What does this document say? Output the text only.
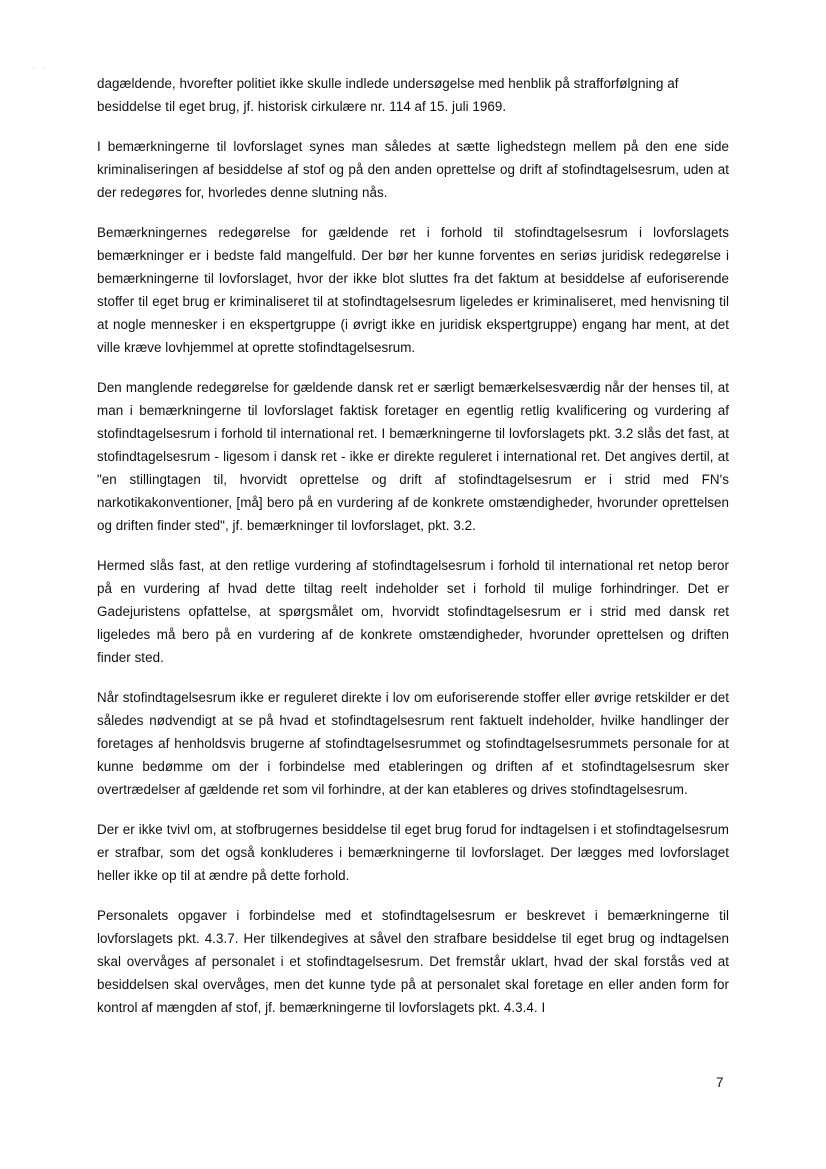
·     ·

dagældende, hvorefter politiet ikke skulle indlede undersøgelse med henblik på strafforfølgning af besiddelse til eget brug, jf. historisk cirkulære nr. 114 af 15. juli 1969.

I bemærkningerne til lovforslaget synes man således at sætte lighedstegn mellem på den ene side kriminaliseringen af besiddelse af stof og på den anden oprettelse og drift af stofindtagelsesrum, uden at der redegøres for, hvorledes denne slutning nås.

Bemærkningernes redegørelse for gældende ret i forhold til stofindtagelsesrum i lovforslagets bemærkninger er i bedste fald mangelfuld. Der bør her kunne forventes en seriøs juridisk redegørelse i bemærkningerne til lovforslaget, hvor der ikke blot sluttes fra det faktum at besiddelse af euforiserende stoffer til eget brug er kriminaliseret til at stofindtagelsesrum ligeledes er kriminaliseret, med henvisning til at nogle mennesker i en ekspertgruppe (i øvrigt ikke en juridisk ekspertgruppe) engang har ment, at det ville kræve lovhjemmel at oprette stofindtagelsesrum.

Den manglende redegørelse for gældende dansk ret er særligt bemærkelsesværdig når der henses til, at man i bemærkningerne til lovforslaget faktisk foretager en egentlig retlig kvalificering og vurdering af stofindtagelsesrum i forhold til international ret. I bemærkningerne til lovforslagets pkt. 3.2 slås det fast, at stofindtagelsesrum - ligesom i dansk ret - ikke er direkte reguleret i international ret. Det angives dertil, at "en stillingtagen til, hvorvidt oprettelse og drift af stofindtagelsesrum er i strid med FN's narkotikakonventioner, [må] bero på en vurdering af de konkrete omstændigheder, hvorunder oprettelsen og driften finder sted", jf. bemærkninger til lovforslaget, pkt. 3.2.

Hermed slås fast, at den retlige vurdering af stofindtagelsesrum i forhold til international ret netop beror på en vurdering af hvad dette tiltag reelt indeholder set i forhold til mulige forhindringer. Det er Gadejuristens opfattelse, at spørgsmålet om, hvorvidt stofindtagelsesrum er i strid med dansk ret ligeledes må bero på en vurdering af de konkrete omstændigheder, hvorunder oprettelsen og driften finder sted.

Når stofindtagelsesrum ikke er reguleret direkte i lov om euforiserende stoffer eller øvrige retskilder er det således nødvendigt at se på hvad et stofindtagelsesrum rent faktuelt indeholder, hvilke handlinger der foretages af henholdsvis brugerne af stofindtagelsesrummet og stofindtagelsesrummets personale for at kunne bedømme om der i forbindelse med etableringen og driften af et stofindtagelsesrum sker overtrædelser af gældende ret som vil forhindre, at der kan etableres og drives stofindtagelsesrum.

Der er ikke tvivl om, at stofbrugernes besiddelse til eget brug forud for indtagelsen i et stofindtagelsesrum er strafbar, som det også konkluderes i bemærkningerne til lovforslaget. Der lægges med lovforslaget heller ikke op til at ændre på dette forhold.

Personalets opgaver i forbindelse med et stofindtagelsesrum er beskrevet i bemærkningerne til lovforslagets pkt. 4.3.7. Her tilkendegives at såvel den strafbare besiddelse til eget brug og indtagelsen skal overvåges af personalet i et stofindtagelsesrum. Det fremstår uklart, hvad der skal forstås ved at besiddelsen skal overvåges, men det kunne tyde på at personalet skal foretage en eller anden form for kontrol af mængden af stof, jf. bemærkningerne til lovforslagets pkt. 4.3.4. I

7
